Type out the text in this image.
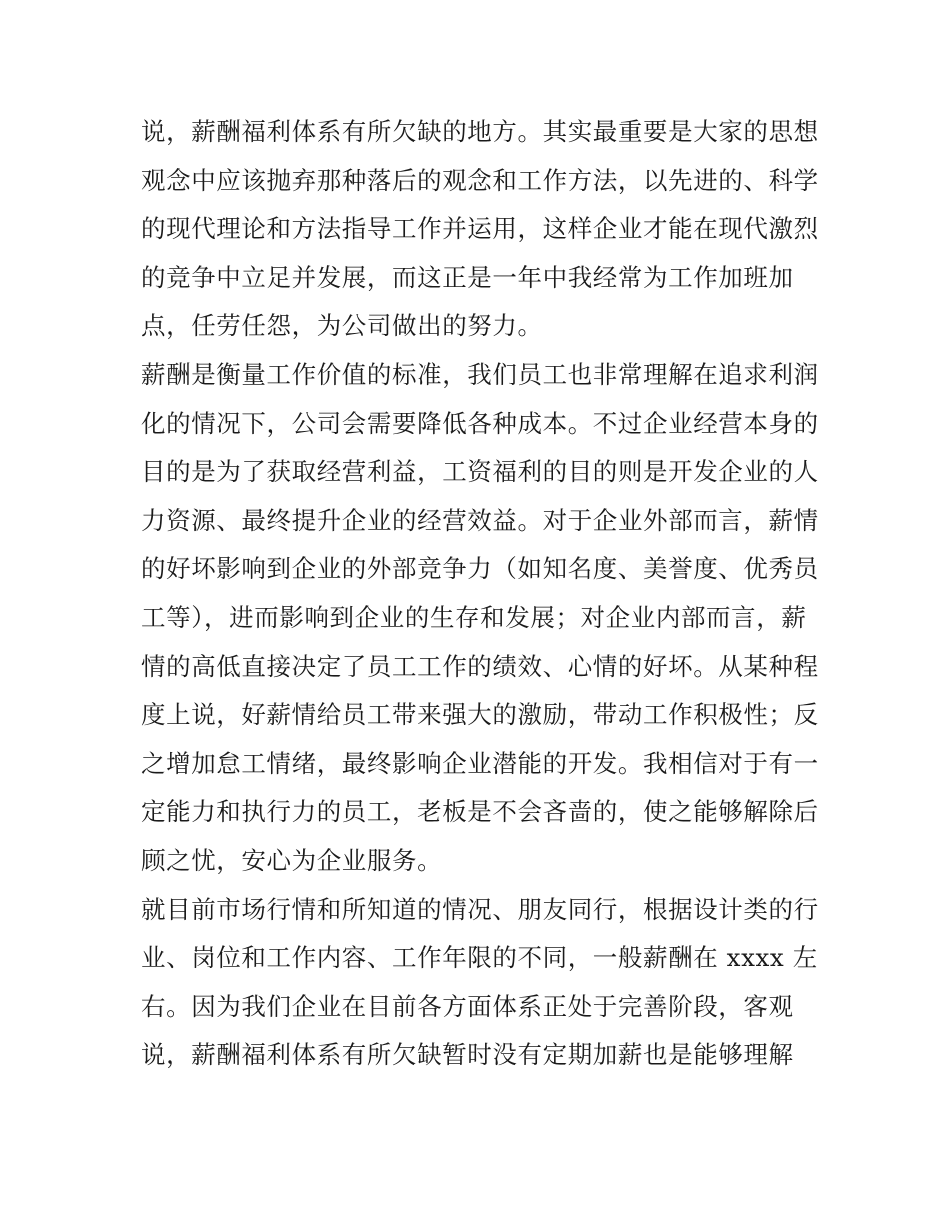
说，薪酬福利体系有所欠缺的地方。其实最重要是大家的思想
观念中应该抛弃那种落后的观念和工作方法，以先进的、科学
的现代理论和方法指导工作并运用，这样企业才能在现代激烈
的竞争中立足并发展，而这正是一年中我经常为工作加班加
点，任劳任怨，为公司做出的努力。
薪酬是衡量工作价值的标准，我们员工也非常理解在追求利润
化的情况下，公司会需要降低各种成本。不过企业经营本身的
目的是为了获取经营利益，工资福利的目的则是开发企业的人
力资源、最终提升企业的经营效益。对于企业外部而言，薪情
的好坏影响到企业的外部竞争力（如知名度、美誉度、优秀员
工等），进而影响到企业的生存和发展；对企业内部而言，薪
情的高低直接决定了员工工作的绩效、心情的好坏。从某种程
度上说，好薪情给员工带来强大的激励，带动工作积极性；反
之增加怠工情绪，最终影响企业潜能的开发。我相信对于有一
定能力和执行力的员工，老板是不会吝啬的，使之能够解除后
顾之忧，安心为企业服务。
就目前市场行情和所知道的情况、朋友同行，根据设计类的行
业、岗位和工作内容、工作年限的不同，一般薪酬在 xxxx 左
右。因为我们企业在目前各方面体系正处于完善阶段，客观
说，薪酬福利体系有所欠缺暂时没有定期加薪也是能够理解
